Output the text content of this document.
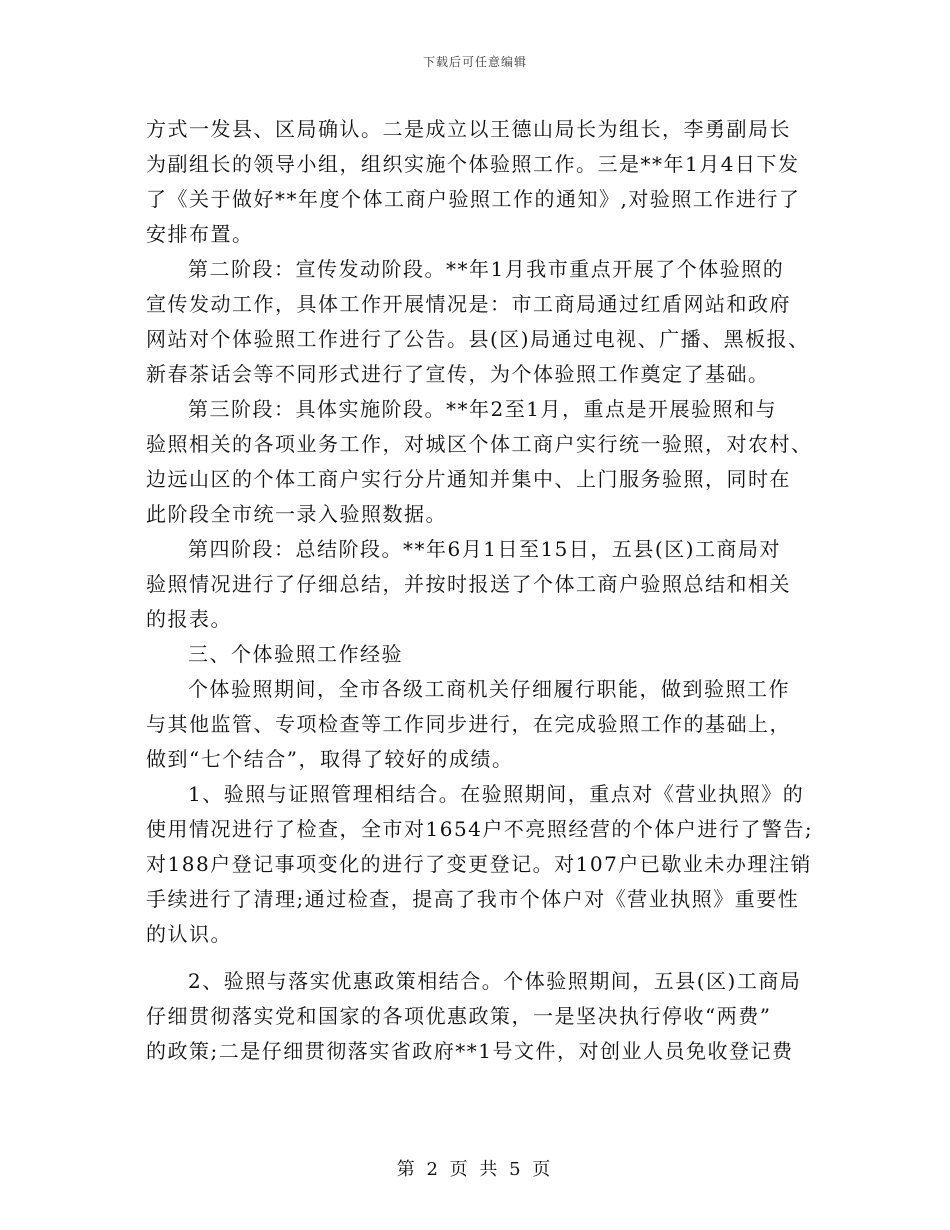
下载后可任意编辑
方式一发县、区局确认。二是成立以王德山局长为组长，李勇副局长
为副组长的领导小组，组织实施个体验照工作。三是**年1月4日下发
了《关于做好**年度个体工商户验照工作的通知》,对验照工作进行了
安排布置。
第二阶段：宣传发动阶段。**年1月我市重点开展了个体验照的
宣传发动工作，具体工作开展情况是：市工商局通过红盾网站和政府
网站对个体验照工作进行了公告。县(区)局通过电视、广播、黑板报、
新春茶话会等不同形式进行了宣传，为个体验照工作奠定了基础。
第三阶段：具体实施阶段。**年2至1月，重点是开展验照和与
验照相关的各项业务工作，对城区个体工商户实行统一验照，对农村、
边远山区的个体工商户实行分片通知并集中、上门服务验照，同时在
此阶段全市统一录入验照数据。
第四阶段：总结阶段。**年6月1日至15日，五县(区)工商局对
验照情况进行了仔细总结，并按时报送了个体工商户验照总结和相关
的报表。
三、个体验照工作经验
个体验照期间，全市各级工商机关仔细履行职能，做到验照工作
与其他监管、专项检查等工作同步进行，在完成验照工作的基础上，
做到“七个结合”，取得了较好的成绩。
1、验照与证照管理相结合。在验照期间，重点对《营业执照》的
使用情况进行了检查，全市对1654户不亮照经营的个体户进行了警告;
对188户登记事项变化的进行了变更登记。对107户已歇业未办理注销
手续进行了清理;通过检查，提高了我市个体户对《营业执照》重要性
的认识。
2、验照与落实优惠政策相结合。个体验照期间，五县(区)工商局
仔细贯彻落实党和国家的各项优惠政策，一是坚决执行停收“两费”
的政策;二是仔细贯彻落实省政府**1号文件，对创业人员免收登记费
第 2 页 共 5 页
